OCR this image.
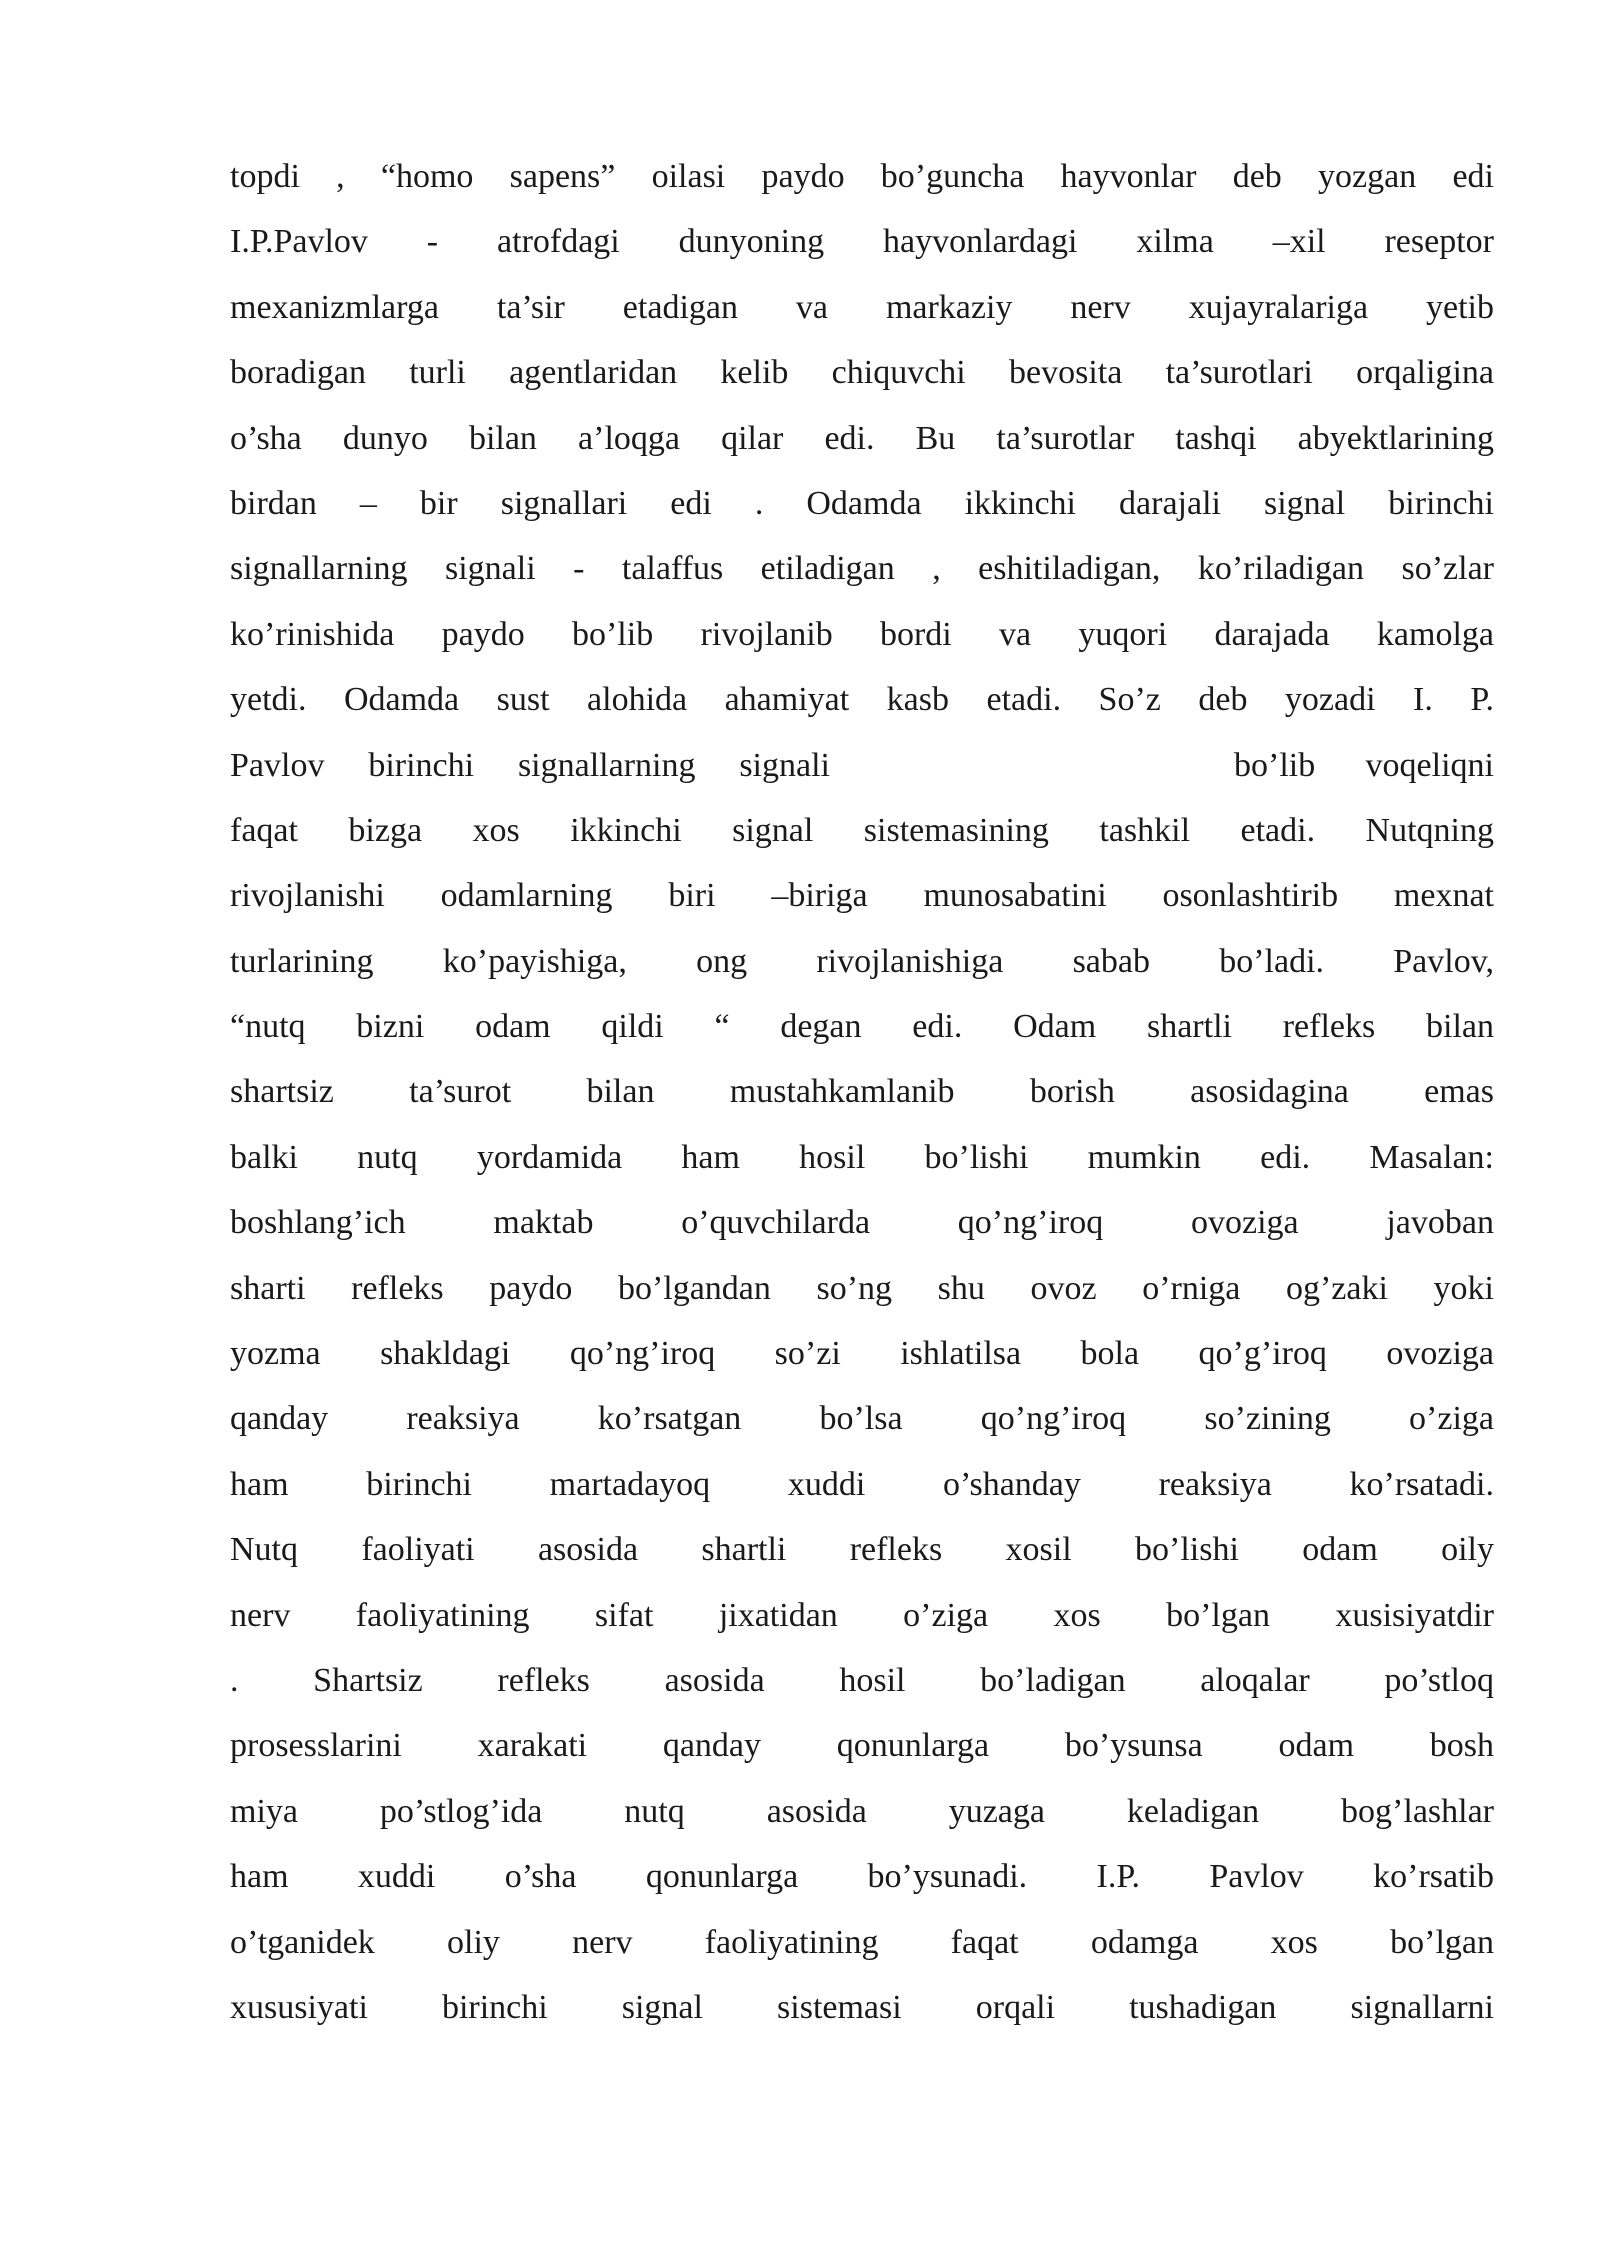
topdi , “homo sapens” oilasi paydo bo’guncha hayvonlar deb yozgan edi
I.P.Pavlov - atrofdagi dunyoning hayvonlardagi xilma –xil reseptor
mexanizmlarga ta’sir etadigan va markaziy nerv xujayralariga yetib
boradigan turli agentlaridan kelib chiquvchi bevosita ta’surotlari orqaligina
o’sha dunyo bilan a’loqga qilar edi. Bu ta’surotlar tashqi abyektlarining
birdan – bir signallari edi . Odamda ikkinchi darajali signal birinchi
signallarning signali - talaffus etiladigan , eshitiladigan, ko’riladigan so’zlar
ko’rinishida paydo bo’lib rivojlanib bordi va yuqori darajada kamolga
yetdi. Odamda sust alohida ahamiyat kasb etadi. So’z deb yozadi I. P.
Pavlov birinchi signallarning signali	bo’lib voqeliqni
faqat bizga xos ikkinchi signal sistemasining tashkil etadi. Nutqning
rivojlanishi odamlarning biri –biriga munosabatini osonlashtirib mexnat
turlarining ko’payishiga, ong rivojlanishiga sabab bo’ladi. Pavlov,
“nutq bizni odam qildi “ degan edi. Odam shartli refleks bilan
shartsiz ta’surot bilan mustahkamlanib borish asosidagina emas
balki nutq yordamida ham hosil bo’lishi mumkin edi. Masalan:
boshlang’ich maktab o’quvchilarda qo’ng’iroq ovoziga javoban
sharti refleks paydo bo’lgandan so’ng shu ovoz o’rniga og’zaki yoki
yozma shakldagi qo’ng’iroq so’zi ishlatilsa bola qo’g’iroq ovoziga
qanday reaksiya ko’rsatgan bo’lsa qo’ng’iroq so’zining o’ziga
ham birinchi martadayoq xuddi o’shanday reaksiya ko’rsatadi.
Nutq faoliyati asosida shartli refleks xosil bo’lishi odam oily
nerv faoliyatining sifat jixatidan o’ziga xos bo’lgan xusisiyatdir
. Shartsiz refleks asosida hosil bo’ladigan aloqalar po’stloq
prosesslarini xarakati qanday qonunlarga bo’ysunsa odam bosh
miya po’stlog’ida nutq asosida yuzaga keladigan bog’lashlar
ham xuddi o’sha qonunlarga bo’ysunadi. I.P. Pavlov ko’rsatib
o’tganidek oliy nerv faoliyatining faqat odamga xos bo’lgan
xususiyati birinchi signal sistemasi orqali tushadigan signallarni
